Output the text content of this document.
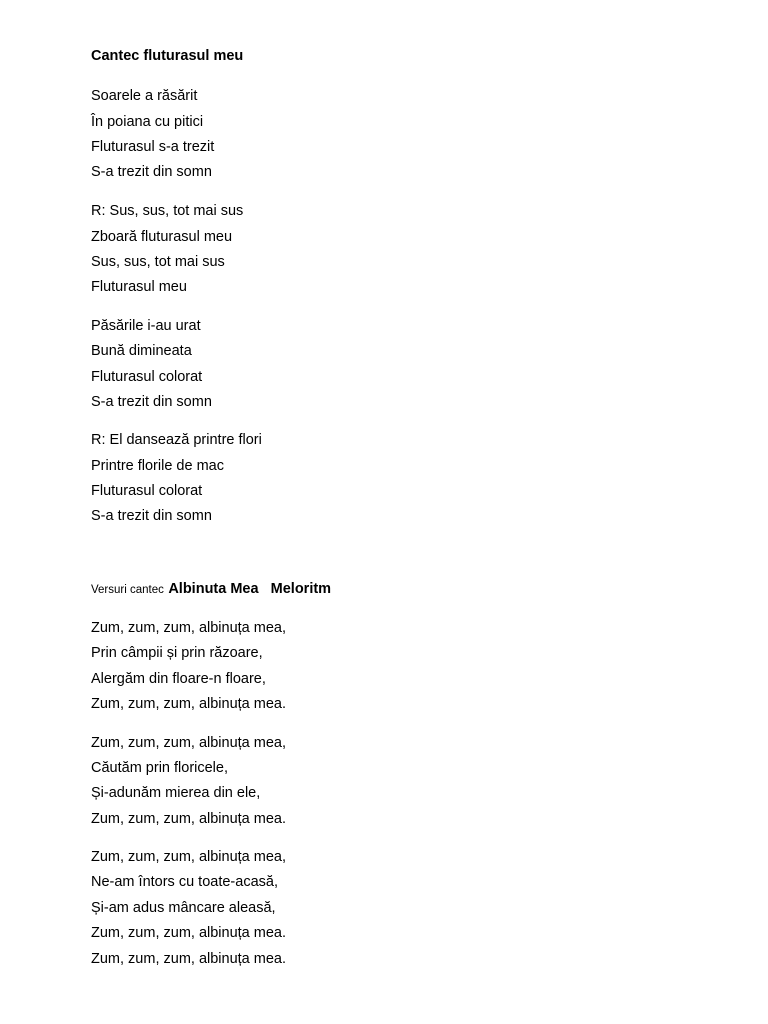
Cantec fluturasul meu
Soarele a răsărit
În poiana cu pitici
Fluturasul s-a trezit
S-a trezit din somn
R: Sus, sus, tot mai sus
Zboară fluturasul meu
Sus, sus, tot mai sus
Fluturasul meu
Păsările i-au urat
Bună dimineata
Fluturasul colorat
S-a trezit din somn
R: El dansează printre flori
Printre florile de mac
Fluturasul colorat
S-a trezit din somn
Versuri cantec Albinuta Mea   Meloritm
Zum, zum, zum, albinuța mea,
Prin câmpii și prin răzoare,
Alergăm din floare-n floare,
Zum, zum, zum, albinuța mea.
Zum, zum, zum, albinuța mea,
Căutăm prin floricele,
Și-adunăm mierea din ele,
Zum, zum, zum, albinuța mea.
Zum, zum, zum, albinuța mea,
Ne-am întors cu toate-acasă,
Și-am adus mâncare aleasă,
Zum, zum, zum, albinuța mea.
Zum, zum, zum, albinuța mea.
